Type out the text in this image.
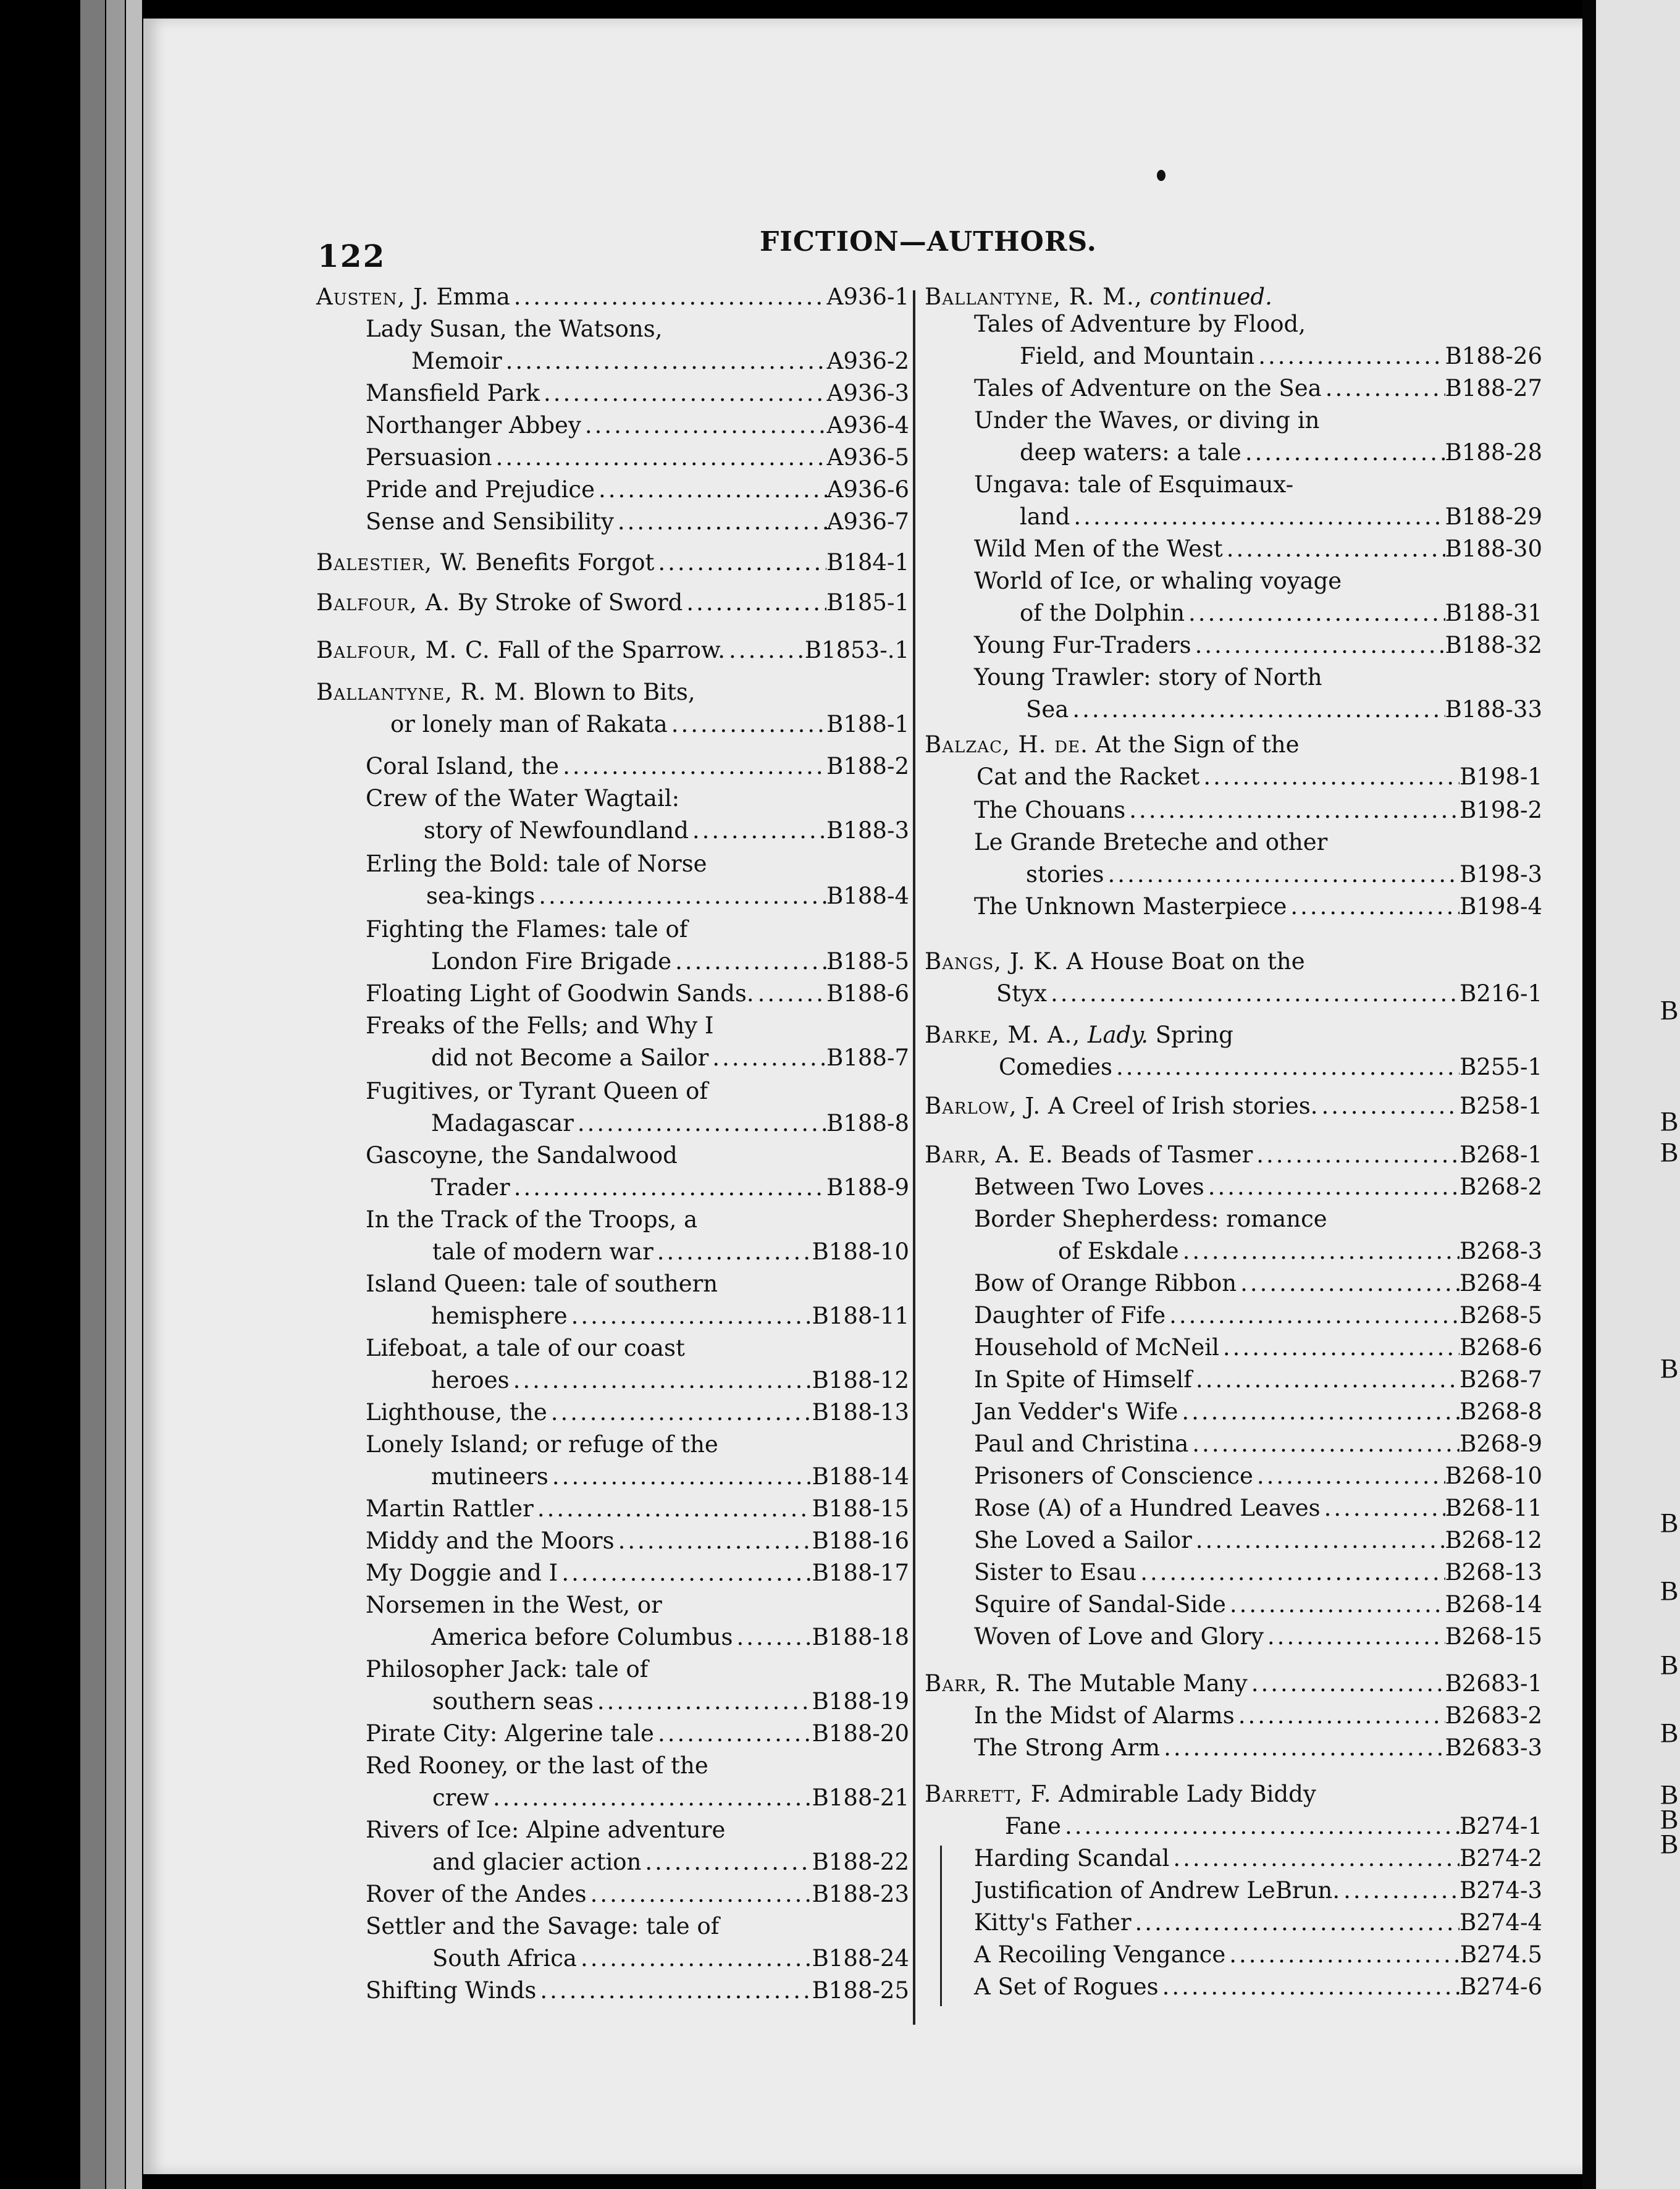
122	FICTION—AUTHORS.
Austen, J. Emma .....	A936-1
Lady Susan, the Watsons,
Memoir .....	A936-2
Mansfield Park .....	A936-3
Northanger Abbey .....	A936-4
Persuasion .....	A936-5
Pride and Prejudice .....	A936-6
Sense and Sensibility .....	A936-7
Balestier, W. Benefits Forgot .....	B184-1
Balfour, A. By Stroke of Sword .....	B185-1
Balfour, M. C. Fall of the Sparrow. .....	B1853-.1
Ballantyne, R. M. Blown to Bits,
or lonely man of Rakata .....	B188-1
Coral Island, the .....	B188-2
Crew of the Water Wagtail:
story of Newfoundland .....	B188-3
Erling the Bold: tale of Norse
sea-kings .....	B188-4
Fighting the Flames: tale of
London Fire Brigade .....	B188-5
Floating Light of Goodwin Sands. .....	B188-6
Freaks of the Fells; and Why I
did not Become a Sailor .....	B188-7
Fugitives, or Tyrant Queen of
Madagascar .....	B188-8
Gascoyne, the Sandalwood
Trader .....	B188-9
In the Track of the Troops, a
tale of modern war .....	B188-10
Island Queen: tale of southern
hemisphere .....	B188-11
Lifeboat, a tale of our coast
heroes .....	B188-12
Lighthouse, the .....	B188-13
Lonely Island; or refuge of the
mutineers .....	B188-14
Martin Rattler .....	B188-15
Middy and the Moors .....	B188-16
My Doggie and I .....	B188-17
Norsemen in the West, or
America before Columbus .....	B188-18
Philosopher Jack: tale of
southern seas .....	B188-19
Pirate City: Algerine tale .....	B188-20
Red Rooney, or the last of the
crew .....	B188-21
Rivers of Ice: Alpine adventure
and glacier action .....	B188-22
Rover of the Andes .....	B188-23
Settler and the Savage: tale of
South Africa .....	B188-24
Shifting Winds .....	B188-25
Ballantyne, R. M., continued.
Tales of Adventure by Flood,
Field, and Mountain .....	B188-26
Tales of Adventure on the Sea .....	B188-27
Under the Waves, or diving in
deep waters: a tale .....	B188-28
Ungava: tale of Esquimaux-
land .....	B188-29
Wild Men of the West .....	B188-30
World of Ice, or whaling voyage
of the Dolphin .....	B188-31
Young Fur-Traders .....	B188-32
Young Trawler: story of North
Sea .....	B188-33
Balzac, H. de. At the Sign of the
Cat and the Racket .....	B198-1
The Chouans .....	B198-2
Le Grande Breteche and other
stories .....	B198-3
The Unknown Masterpiece .....	B198-4
Bangs, J. K. A House Boat on the
Styx .....	B216-1
Barke, M. A., Lady. Spring
Comedies .....	B255-1
Barlow, J. A Creel of Irish stories. .....	B258-1
Barr, A. E. Beads of Tasmer .....	B268-1
Between Two Loves .....	B268-2
Border Shepherdess: romance
of Eskdale .....	B268-3
Bow of Orange Ribbon .....	B268-4
Daughter of Fife .....	B268-5
Household of McNeil .....	B268-6
In Spite of Himself .....	B268-7
Jan Vedder's Wife .....	B268-8
Paul and Christina .....	B268-9
Prisoners of Conscience .....	B268-10
Rose (A) of a Hundred Leaves .....	B268-11
She Loved a Sailor .....	B268-12
Sister to Esau .....	B268-13
Squire of Sandal-Side .....	B268-14
Woven of Love and Glory .....	B268-15
Barr, R. The Mutable Many .....	B2683-1
In the Midst of Alarms .....	B2683-2
The Strong Arm .....	B2683-3
Barrett, F. Admirable Lady Biddy
Fane .....	B274-1
Harding Scandal .....	B274-2
Justification of Andrew LeBrun. .....	B274-3
Kitty's Father .....	B274-4
A Recoiling Vengance .....	B274.5
A Set of Rogues .....	B274-6
B
B
B
B
B
B
B
B
B
B
B
